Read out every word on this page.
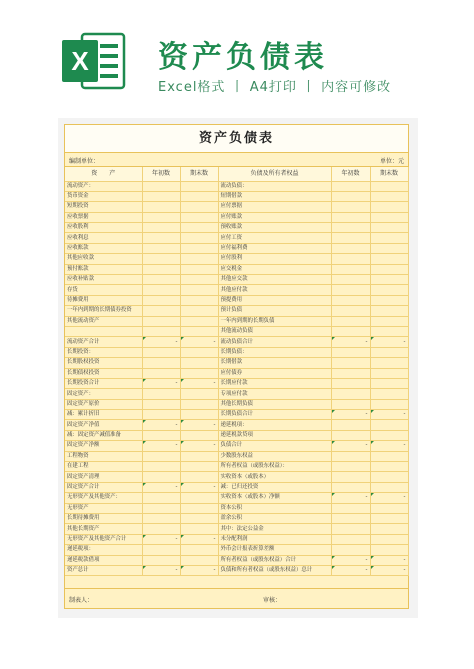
X 资产负债表
Excel格式 丨 A4打印 丨 内容可修改
资产负债表
编制单位：	单位：元
资　　产	年初数	期末数	负债及所有者权益	年初数	期末数
流动资产：			流动负债：		
货币资金			短期借款		
短期投资			应付票据		
应收票据			应付账款		
应收股利			预收账款		
应收利息			应付工资		
应收账款			应付福利费		
其他应收款			应付股利		
预付账款			应交税金		
应收补贴款			其他应交款		
存货			其他应付款		
待摊费用			预提费用		
一年内到期的长期债券投资			预计负债		
其他流动资产			一年内到期的长期负债		
			其他流动负债		
流动资产合计	-	-	流动负债合计	-	-
长期投资：			长期负债：		
长期股权投资			长期借款		
长期债权投资			应付债券		
长期投资合计	-	-	长期应付款		
固定资产：			专项应付款		
固定资产原价			其他长期负债		
减：累计折旧			长期负债合计	-	-
固定资产净值	-	-	递延税项：		
减：固定资产减值准备			递延税款贷项		
固定资产净额	-	-	负债合计	-	-
工程物资			少数股东权益		
在建工程			所有者权益（或股东权益）：		
固定资产清理			实收资本（或股本）		
固定资产合计	-	-	减：已归还投资		
无形资产及其他资产：			实收资本（或股本）净额	-	-
无形资产			资本公积		
长期待摊费用			盈余公积		
其他长期资产			其中：法定公益金		
无形资产及其他资产合计	-	-	未分配利润		
递延税项：			外币会计报表折算差额		
递延税款借项			所有者权益（或股东权益）合计	-	-
资产总计	-	-	负债和所有者权益（或股东权益）总计	-	-
制表人：	审核：
